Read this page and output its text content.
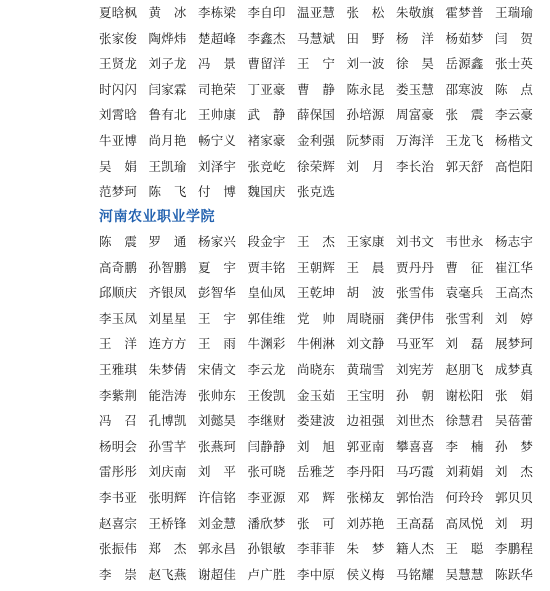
夏晗枫 黄　冰 李栋梁 李自印 温亚慧 张　松 朱敬旗 霍梦普 王瑞瑜
张家俊 陶烨炜 楚超峰 李鑫杰 马慧斌 田　野 杨　洋 杨茹梦 闫　贺
王贤龙 刘子龙 冯　景 曹留洋 王　宁 刘一波 徐　昊 岳源鑫 张士英
时闪闪 闫家霖 司艳荣 丁亚豪 曹　静 陈永昆 娄玉慧 邵寒波 陈　点
刘霄晗 鲁有北 王帅康 武　静 薛保国 孙培源 周富豪 张　震 李云豪
牛亚博 尚月艳 畅宁义 褚家豪 金利强 阮梦雨 万海洋 王龙飞 杨楷文
吴　娟 王凯瑜 刘泽宇 张竞屹 徐荣辉 刘　月 李长治 郭天舒 高恺阳
范梦珂 陈　飞 付　博 魏国庆 张克选
河南农业职业学院
陈　震 罗　通 杨家兴 段金宇 王　杰 王家康 刘书文 韦世永 杨志宇
高奇鹏 孙智鹏 夏　宇 贾丰铭 王朝辉 王　晨 贾丹丹 曹　征 崔江华
邱顺庆 齐银凤 彭智华 皇仙凤 王乾坤 胡　波 张雪伟 袁毫兵 王高杰
李玉凤 刘星星 王　宇 郭佳维 党　帅 周晓丽 龚伊伟 张雪利 刘　婷
王　洋 连方方 王　雨 牛渊彩 牛俐淋 刘文静 马亚军 刘　磊 展梦珂
王雅琪 朱梦倩 宋倩文 李云龙 尚晓东 黄瑞雪 刘宪芳 赵朋飞 成梦真
李紫荆 能浩涛 张帅东 王俊凯 金玉茹 王宝明 孙　朝 谢松阳 张　娟
冯　召 孔博凯 刘懿昊 李继财 娄建波 边祖强 刘世杰 徐慧君 吴蓓蕾
杨明会 孙雪芊 张燕珂 闫静静 刘　旭 郭亚南 攀喜喜 李　楠 孙　梦
雷彤彤 刘庆南 刘　平 张可晓 岳雅芝 李丹阳 马巧霞 刘莉娟 刘　杰
李书亚 张明辉 许信铭 李亚源 邓　辉 张梯友 郭怡浩 何玲玲 郭贝贝
赵喜宗 王桥锋 刘金慧 潘欣梦 张　可 刘苏艳 王高磊 高凤悦 刘　玥
张振伟 郑　杰 郭永昌 孙银敏 李菲菲 朱　梦 籍人杰 王　聪 李鹏程
李　崇 赵飞燕 谢超佳 卢广胜 李中原 侯义梅 马铭耀 吴慧慧 陈跃华
